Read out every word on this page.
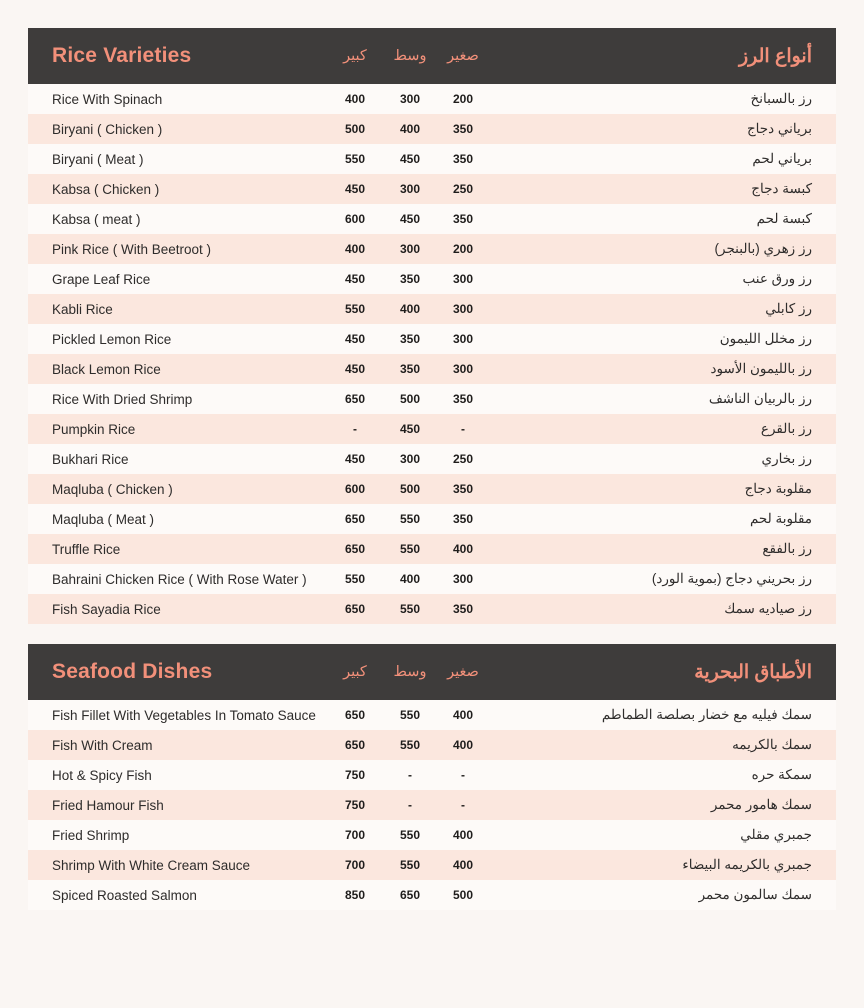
Rice Varieties	كبير	وسط	صغير	أنواع الرز
Rice With Spinach	400	300	200	رز بالسبانخ
Biryani ( Chicken )	500	400	350	برياني دجاج
Biryani ( Meat )	550	450	350	برياني لحم
Kabsa ( Chicken )	450	300	250	كبسة دجاج
Kabsa ( meat )	600	450	350	كبسة لحم
Pink Rice ( With Beetroot )	400	300	200	رز زهري (بالبنجر)
Grape Leaf Rice	450	350	300	رز ورق عنب
Kabli Rice	550	400	300	رز كابلي
Pickled Lemon Rice	450	350	300	رز مخلل الليمون
Black Lemon Rice	450	350	300	رز بالليمون الأسود
Rice With Dried Shrimp	650	500	350	رز بالربيان الناشف
Pumpkin Rice	-	450	-	رز بالقرع
Bukhari Rice	450	300	250	رز بخاري
Maqluba ( Chicken )	600	500	350	مقلوبة دجاج
Maqluba ( Meat )	650	550	350	مقلوبة لحم
Truffle Rice	650	550	400	رز بالفقع
Bahraini Chicken Rice ( With Rose Water )	550	400	300	رز بحريني دجاج (بموية الورد)
Fish Sayadia Rice	650	550	350	رز صياديه سمك
Seafood Dishes	كبير	وسط	صغير	الأطباق البحرية
Fish Fillet With Vegetables In Tomato Sauce	650	550	400	سمك فيليه مع خضار بصلصة الطماطم
Fish With Cream	650	550	400	سمك بالكريمه
Hot & Spicy Fish	750	-	-	سمكة حره
Fried Hamour Fish	750	-	-	سمك هامور محمر
Fried Shrimp	700	550	400	جمبري مقلي
Shrimp With White Cream Sauce	700	550	400	جمبري بالكريمه البيضاء
Spiced Roasted Salmon	850	650	500	سمك سالمون محمر
